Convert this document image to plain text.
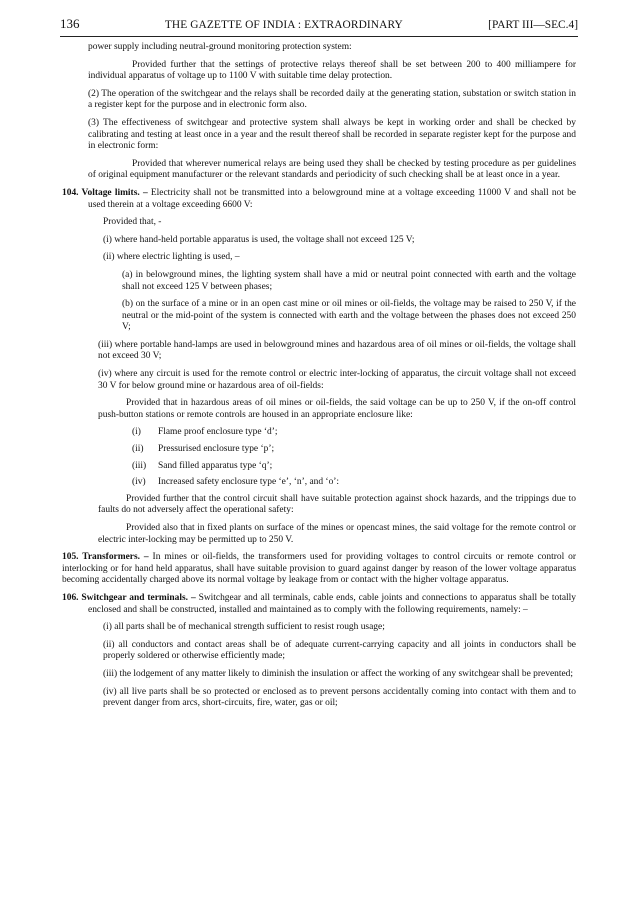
136	THE GAZETTE OF INDIA : EXTRAORDINARY	[PART III—SEC.4]

power supply including neutral-ground monitoring protection system:

Provided further that the settings of protective relays thereof shall be set between 200 to 400 milliampere for individual apparatus of voltage up to 1100 V with suitable time delay protection.

(2) The operation of the switchgear and the relays shall be recorded daily at the generating station, substation or switch station in a register kept for the purpose and in electronic form also.

(3) The effectiveness of switchgear and protective system shall always be kept in working order and shall be checked by calibrating and testing at least once in a year and the result thereof shall be recorded in separate register kept for the purpose and in electronic form:

Provided that wherever numerical relays are being used they shall be checked by testing procedure as per guidelines of original equipment manufacturer or the relevant standards and periodicity of such checking shall be at least once in a year.

104. Voltage limits. – Electricity shall not be transmitted into a belowground mine at a voltage exceeding 11000 V and shall not be used therein at a voltage exceeding 6600 V:

Provided that, -

(i) where hand-held portable apparatus is used, the voltage shall not exceed 125 V;

(ii) where electric lighting is used, –

(a) in belowground mines, the lighting system shall have a mid or neutral point connected with earth and the voltage shall not exceed 125 V between phases;

(b) on the surface of a mine or in an open cast mine or oil mines or oil-fields, the voltage may be raised to 250 V, if the neutral or the mid-point of the system is connected with earth and the voltage between the phases does not exceed 250 V;

(iii) where portable hand-lamps are used in belowground mines and hazardous area of oil mines or oil-fields, the voltage shall not exceed 30 V;

(iv) where any circuit is used for the remote control or electric inter-locking of apparatus, the circuit voltage shall not exceed 30 V for below ground mine or hazardous area of oil-fields:

Provided that in hazardous areas of oil mines or oil-fields, the said voltage can be up to 250 V, if the on-off control push-button stations or remote controls are housed in an appropriate enclosure like:

(i)	Flame proof enclosure type ‘d’;
(ii)	Pressurised enclosure type ‘p’;
(iii)	Sand filled apparatus type ‘q’;
(iv)	Increased safety enclosure type ‘e’, ‘n’, and ‘o’:

Provided further that the control circuit shall have suitable protection against shock hazards, and the trippings due to faults do not adversely affect the operational safety:

Provided also that in fixed plants on surface of the mines or opencast mines, the said voltage for the remote control or electric inter-locking may be permitted up to 250 V.

105. Transformers. – In mines or oil-fields, the transformers used for providing voltages to control circuits or remote control or interlocking or for hand held apparatus, shall have suitable provision to guard against danger by reason of the lower voltage apparatus becoming accidentally charged above its normal voltage by leakage from or contact with the higher voltage apparatus.

106. Switchgear and terminals. – Switchgear and all terminals, cable ends, cable joints and connections to apparatus shall be totally enclosed and shall be constructed, installed and maintained as to comply with the following requirements, namely: –

(i) all parts shall be of mechanical strength sufficient to resist rough usage;

(ii) all conductors and contact areas shall be of adequate current-carrying capacity and all joints in conductors shall be properly soldered or otherwise efficiently made;

(iii) the lodgement of any matter likely to diminish the insulation or affect the working of any switchgear shall be prevented;

(iv) all live parts shall be so protected or enclosed as to prevent persons accidentally coming into contact with them and to prevent danger from arcs, short-circuits, fire, water, gas or oil;
